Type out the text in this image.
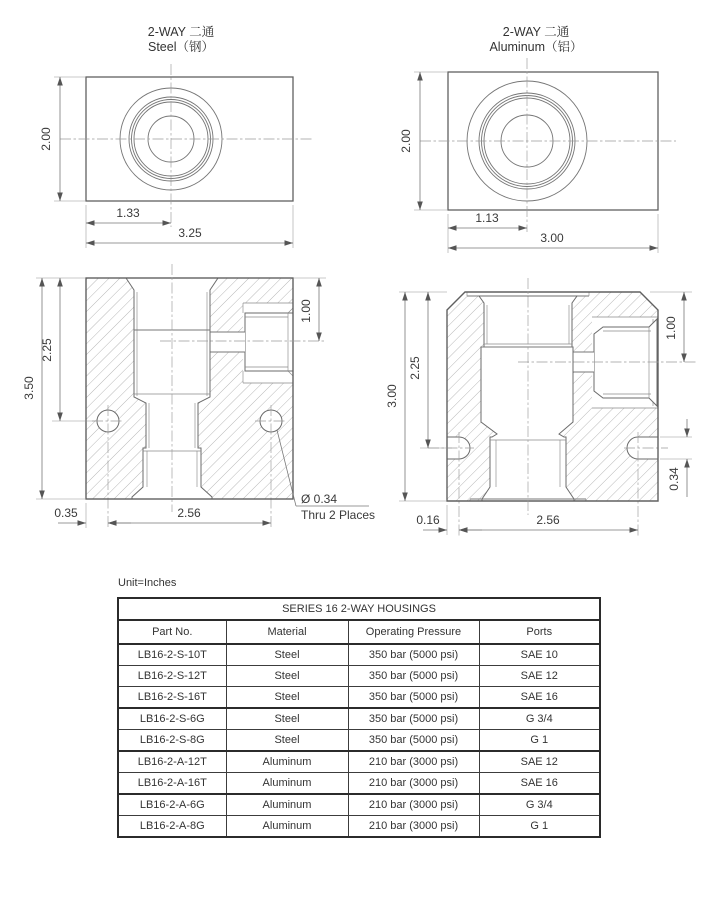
2-WAY 二通
Steel（钢）
2.00
1.33
3.25
2-WAY 二通
Aluminum（铝）
2.00
1.13
3.00
3.50
2.25
1.00
0.35	2.56
Ø 0.34
Thru 2 Places
3.00
2.25
1.00
0.34
0.16	2.56
Unit=Inches
SERIES 16 2-WAY HOUSINGS			
Part No.	Material	Operating Pressure	Ports
LB16-2-S-10T	Steel	350 bar (5000 psi)	SAE 10
LB16-2-S-12T	Steel	350 bar (5000 psi)	SAE 12
LB16-2-S-16T	Steel	350 bar (5000 psi)	SAE 16
LB16-2-S-6G	Steel	350 bar (5000 psi)	G 3/4
LB16-2-S-8G	Steel	350 bar (5000 psi)	G 1
LB16-2-A-12T	Aluminum	210 bar (3000 psi)	SAE 12
LB16-2-A-16T	Aluminum	210 bar (3000 psi)	SAE 16
LB16-2-A-6G	Aluminum	210 bar (3000 psi)	G 3/4
LB16-2-A-8G	Aluminum	210 bar (3000 psi)	G 1
